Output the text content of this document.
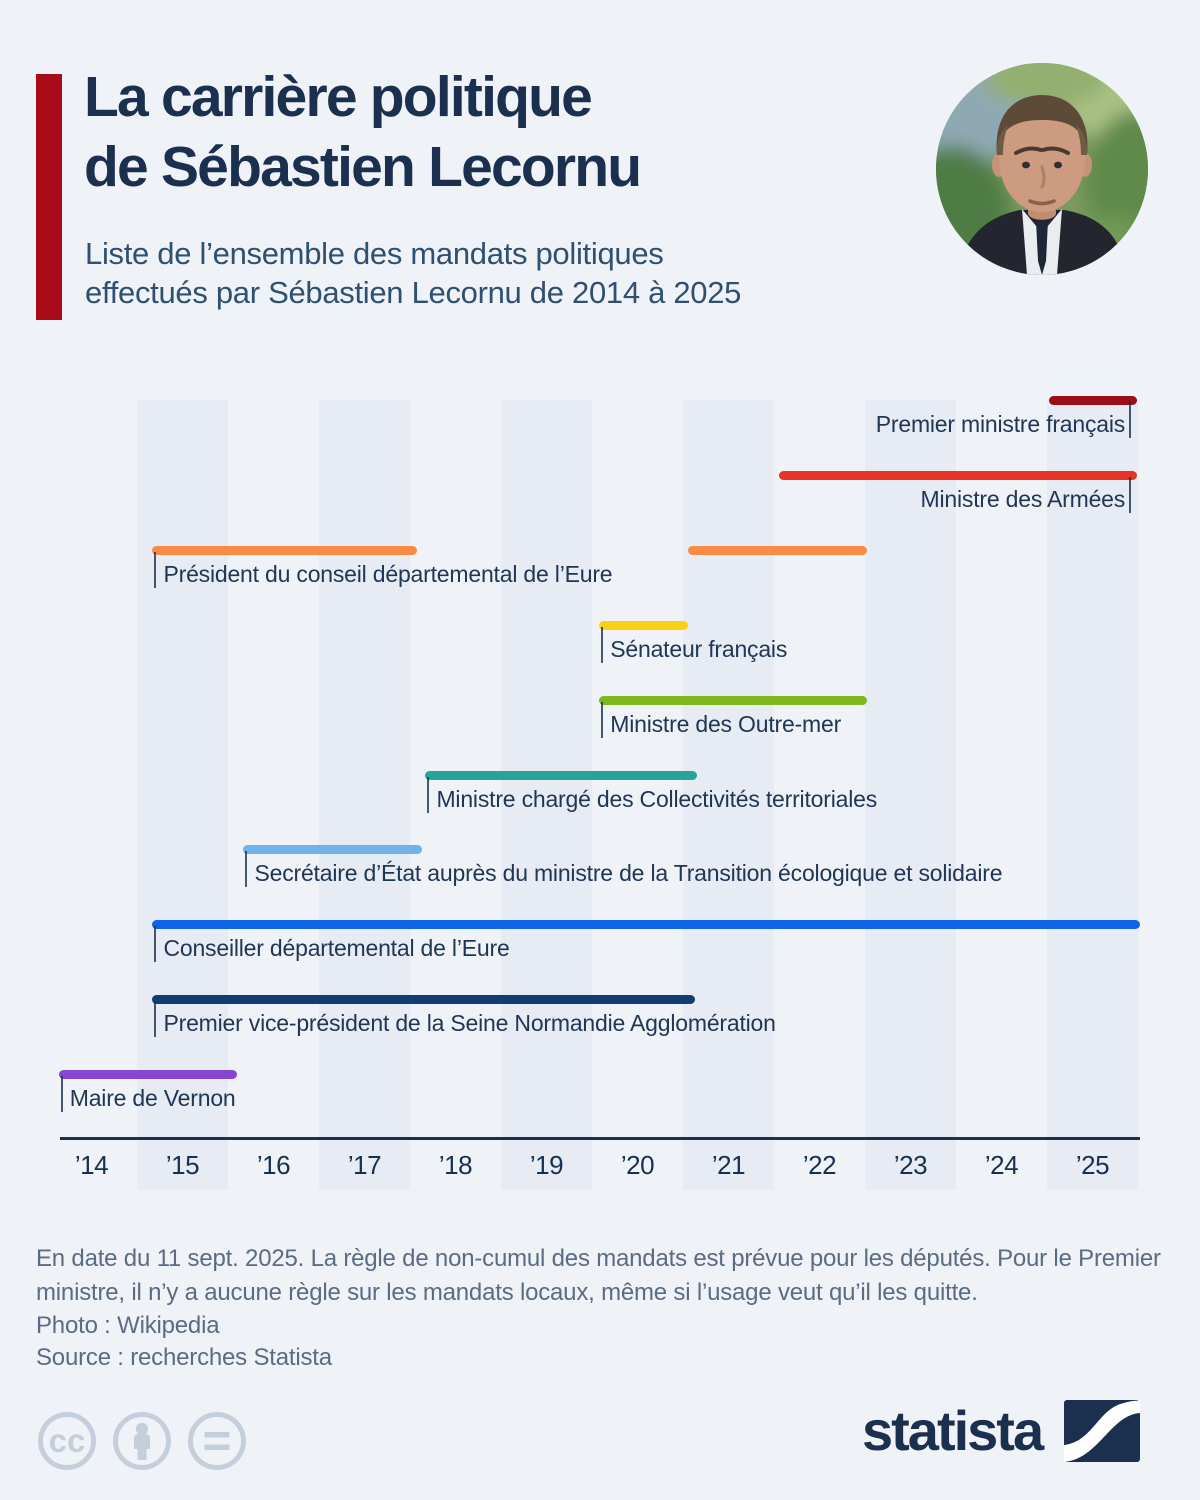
La carrière politique
de Sébastien Lecornu
Liste de l’ensemble des mandats politiques
effectués par Sébastien Lecornu de 2014 à 2025
Premier ministre français
Ministre des Armées
Président du conseil départemental de l’Eure
Sénateur français
Ministre des Outre-mer
Ministre chargé des Collectivités territoriales
Secrétaire d’État auprès du ministre de la Transition écologique et solidaire
Conseiller départemental de l’Eure
Premier vice-président de la Seine Normandie Agglomération
Maire de Vernon
’14 ’15 ’16 ’17 ’18 ’19 ’20 ’21 ’22 ’23 ’24 ’25
En date du 11 sept. 2025. La règle de non-cumul des mandats est prévue pour les députés. Pour le Premier ministre, il n’y a aucune règle sur les mandats locaux, même si l’usage veut qu’il les quitte.
Photo : Wikipedia
Source : recherches Statista
cc	statista
